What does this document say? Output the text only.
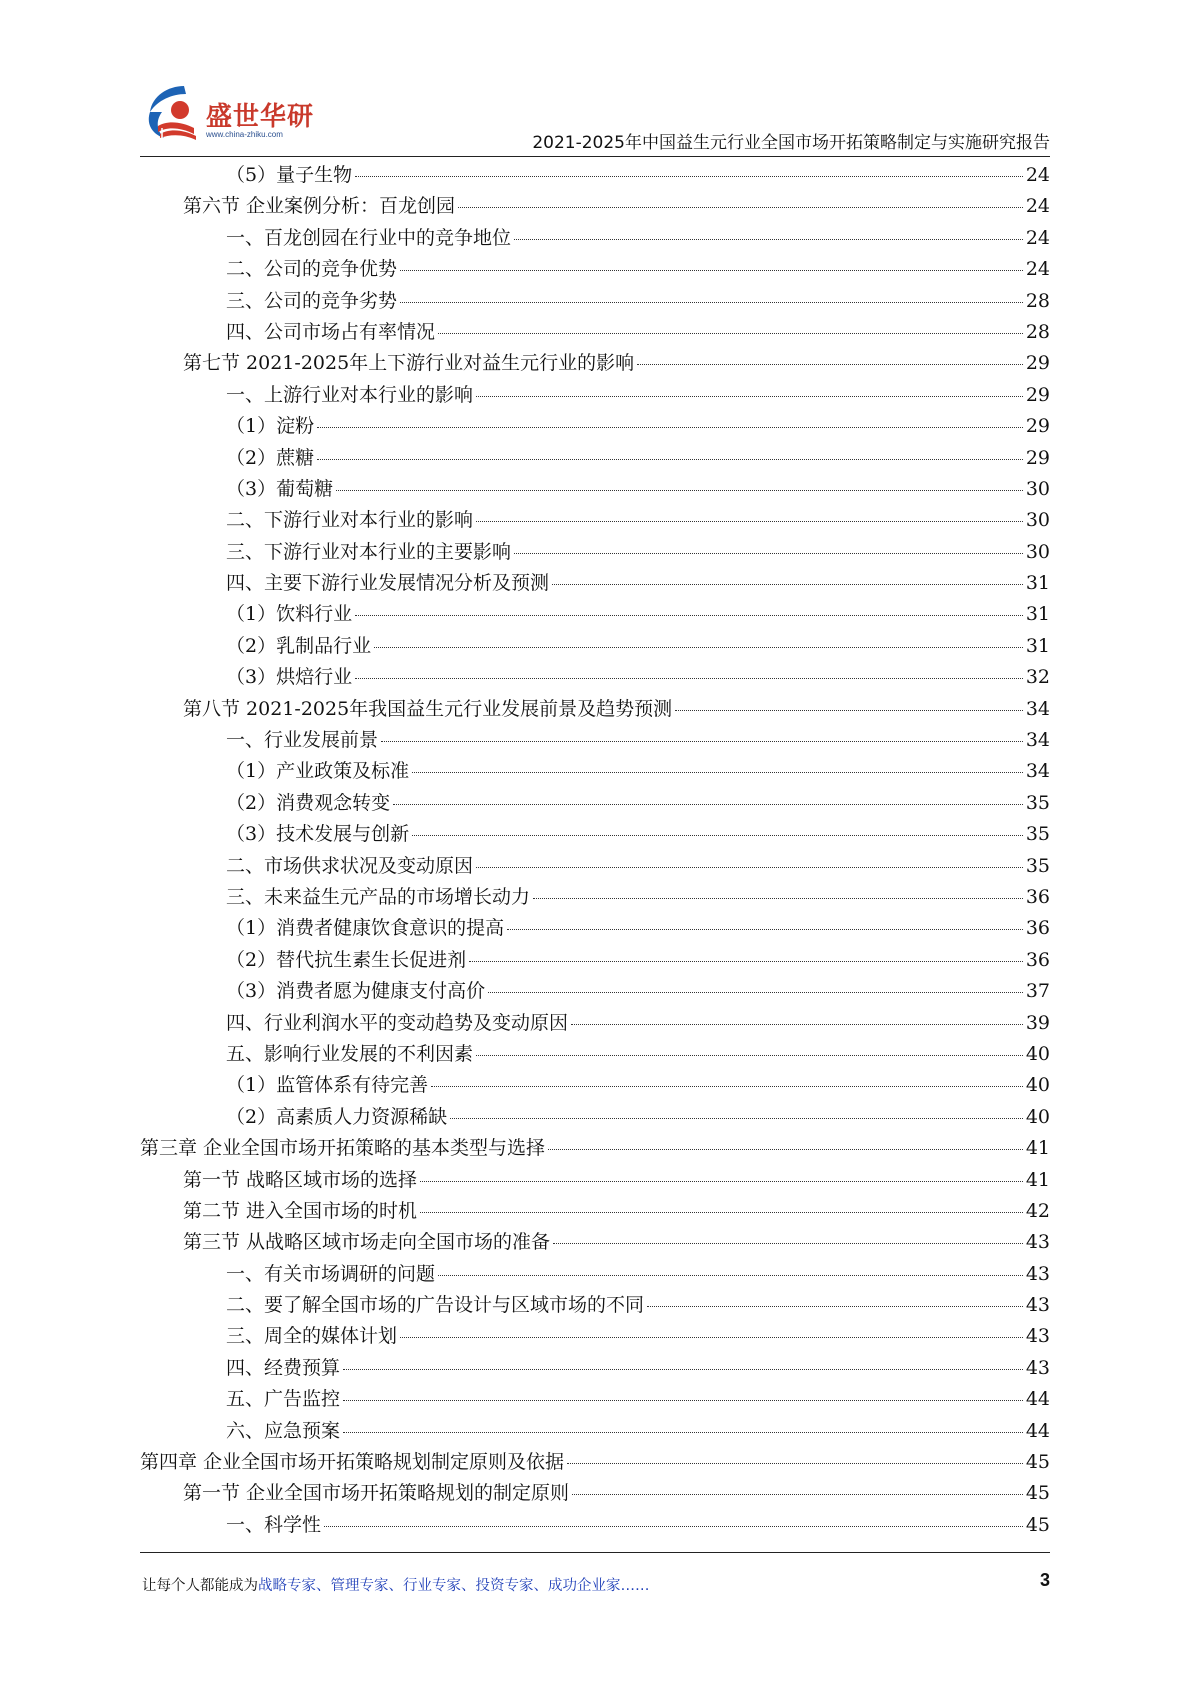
盛世华研
www.china-zhiku.com	2021-2025年中国益生元行业全国市场开拓策略制定与实施研究报告
（5）量子生物	24
第六节 企业案例分析：百龙创园	24
一、百龙创园在行业中的竞争地位	24
二、公司的竞争优势	24
三、公司的竞争劣势	28
四、公司市场占有率情况	28
第七节 2021-2025年上下游行业对益生元行业的影响	29
一、上游行业对本行业的影响	29
（1）淀粉	29
（2）蔗糖	29
（3）葡萄糖	30
二、下游行业对本行业的影响	30
三、下游行业对本行业的主要影响	30
四、主要下游行业发展情况分析及预测	31
（1）饮料行业	31
（2）乳制品行业	31
（3）烘焙行业	32
第八节 2021-2025年我国益生元行业发展前景及趋势预测	34
一、行业发展前景	34
（1）产业政策及标准	34
（2）消费观念转变	35
（3）技术发展与创新	35
二、市场供求状况及变动原因	35
三、未来益生元产品的市场增长动力	36
（1）消费者健康饮食意识的提高	36
（2）替代抗生素生长促进剂	36
（3）消费者愿为健康支付高价	37
四、行业利润水平的变动趋势及变动原因	39
五、影响行业发展的不利因素	40
（1）监管体系有待完善	40
（2）高素质人力资源稀缺	40
第三章 企业全国市场开拓策略的基本类型与选择	41
第一节 战略区域市场的选择	41
第二节 进入全国市场的时机	42
第三节 从战略区域市场走向全国市场的准备	43
一、有关市场调研的问题	43
二、要了解全国市场的广告设计与区域市场的不同	43
三、周全的媒体计划	43
四、经费预算	43
五、广告监控	44
六、应急预案	44
第四章 企业全国市场开拓策略规划制定原则及依据	45
第一节 企业全国市场开拓策略规划的制定原则	45
一、科学性	45
让每个人都能成为战略专家、管理专家、行业专家、投资专家、成功企业家……	3
